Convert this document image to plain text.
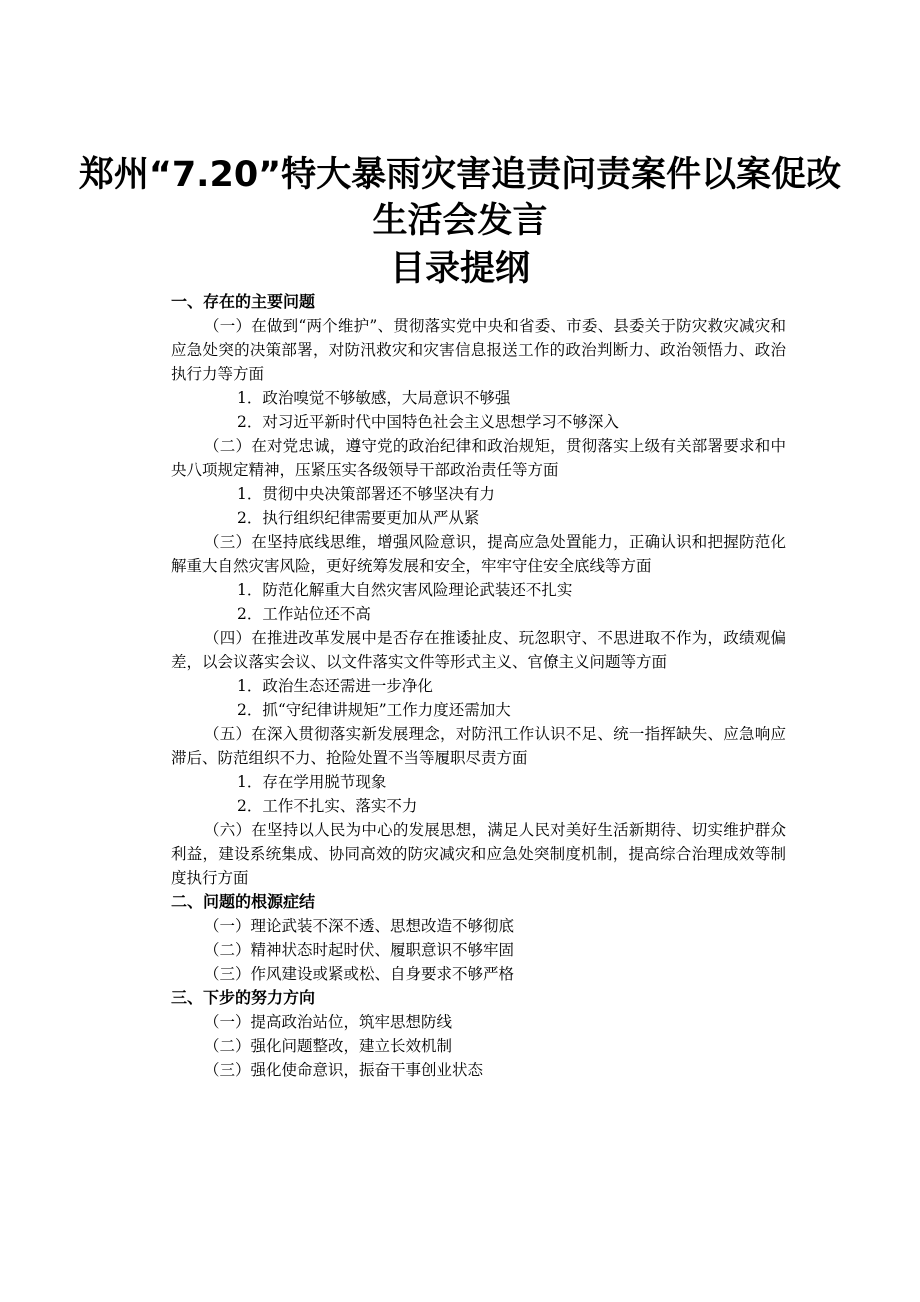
郑州“7.20”特大暴雨灾害追责问责案件以案促改
生活会发言
目录提纲
一、存在的主要问题
（一）在做到“两个维护”、贯彻落实党中央和省委、市委、县委关于防灾救灾减灾和应急处突的决策部署，对防汛救灾和灾害信息报送工作的政治判断力、政治领悟力、政治执行力等方面
1．政治嗅觉不够敏感，大局意识不够强
2．对习近平新时代中国特色社会主义思想学习不够深入
（二）在对党忠诚，遵守党的政治纪律和政治规矩，贯彻落实上级有关部署要求和中央八项规定精神，压紧压实各级领导干部政治责任等方面
1．贯彻中央决策部署还不够坚决有力
2．执行组织纪律需要更加从严从紧
（三）在坚持底线思维，增强风险意识，提高应急处置能力，正确认识和把握防范化解重大自然灾害风险，更好统筹发展和安全，牢牢守住安全底线等方面
1．防范化解重大自然灾害风险理论武装还不扎实
2．工作站位还不高
（四）在推进改革发展中是否存在推诿扯皮、玩忽职守、不思进取不作为，政绩观偏差，以会议落实会议、以文件落实文件等形式主义、官僚主义问题等方面
1．政治生态还需进一步净化
2．抓“守纪律讲规矩”工作力度还需加大
（五）在深入贯彻落实新发展理念，对防汛工作认识不足、统一指挥缺失、应急响应滞后、防范组织不力、抢险处置不当等履职尽责方面
1．存在学用脱节现象
2．工作不扎实、落实不力
（六）在坚持以人民为中心的发展思想，满足人民对美好生活新期待、切实维护群众利益，建设系统集成、协同高效的防灾减灾和应急处突制度机制，提高综合治理成效等制度执行方面
二、问题的根源症结
（一）理论武装不深不透、思想改造不够彻底
（二）精神状态时起时伏、履职意识不够牢固
（三）作风建设或紧或松、自身要求不够严格
三、下步的努力方向
（一）提高政治站位，筑牢思想防线
（二）强化问题整改，建立长效机制
（三）强化使命意识，振奋干事创业状态
